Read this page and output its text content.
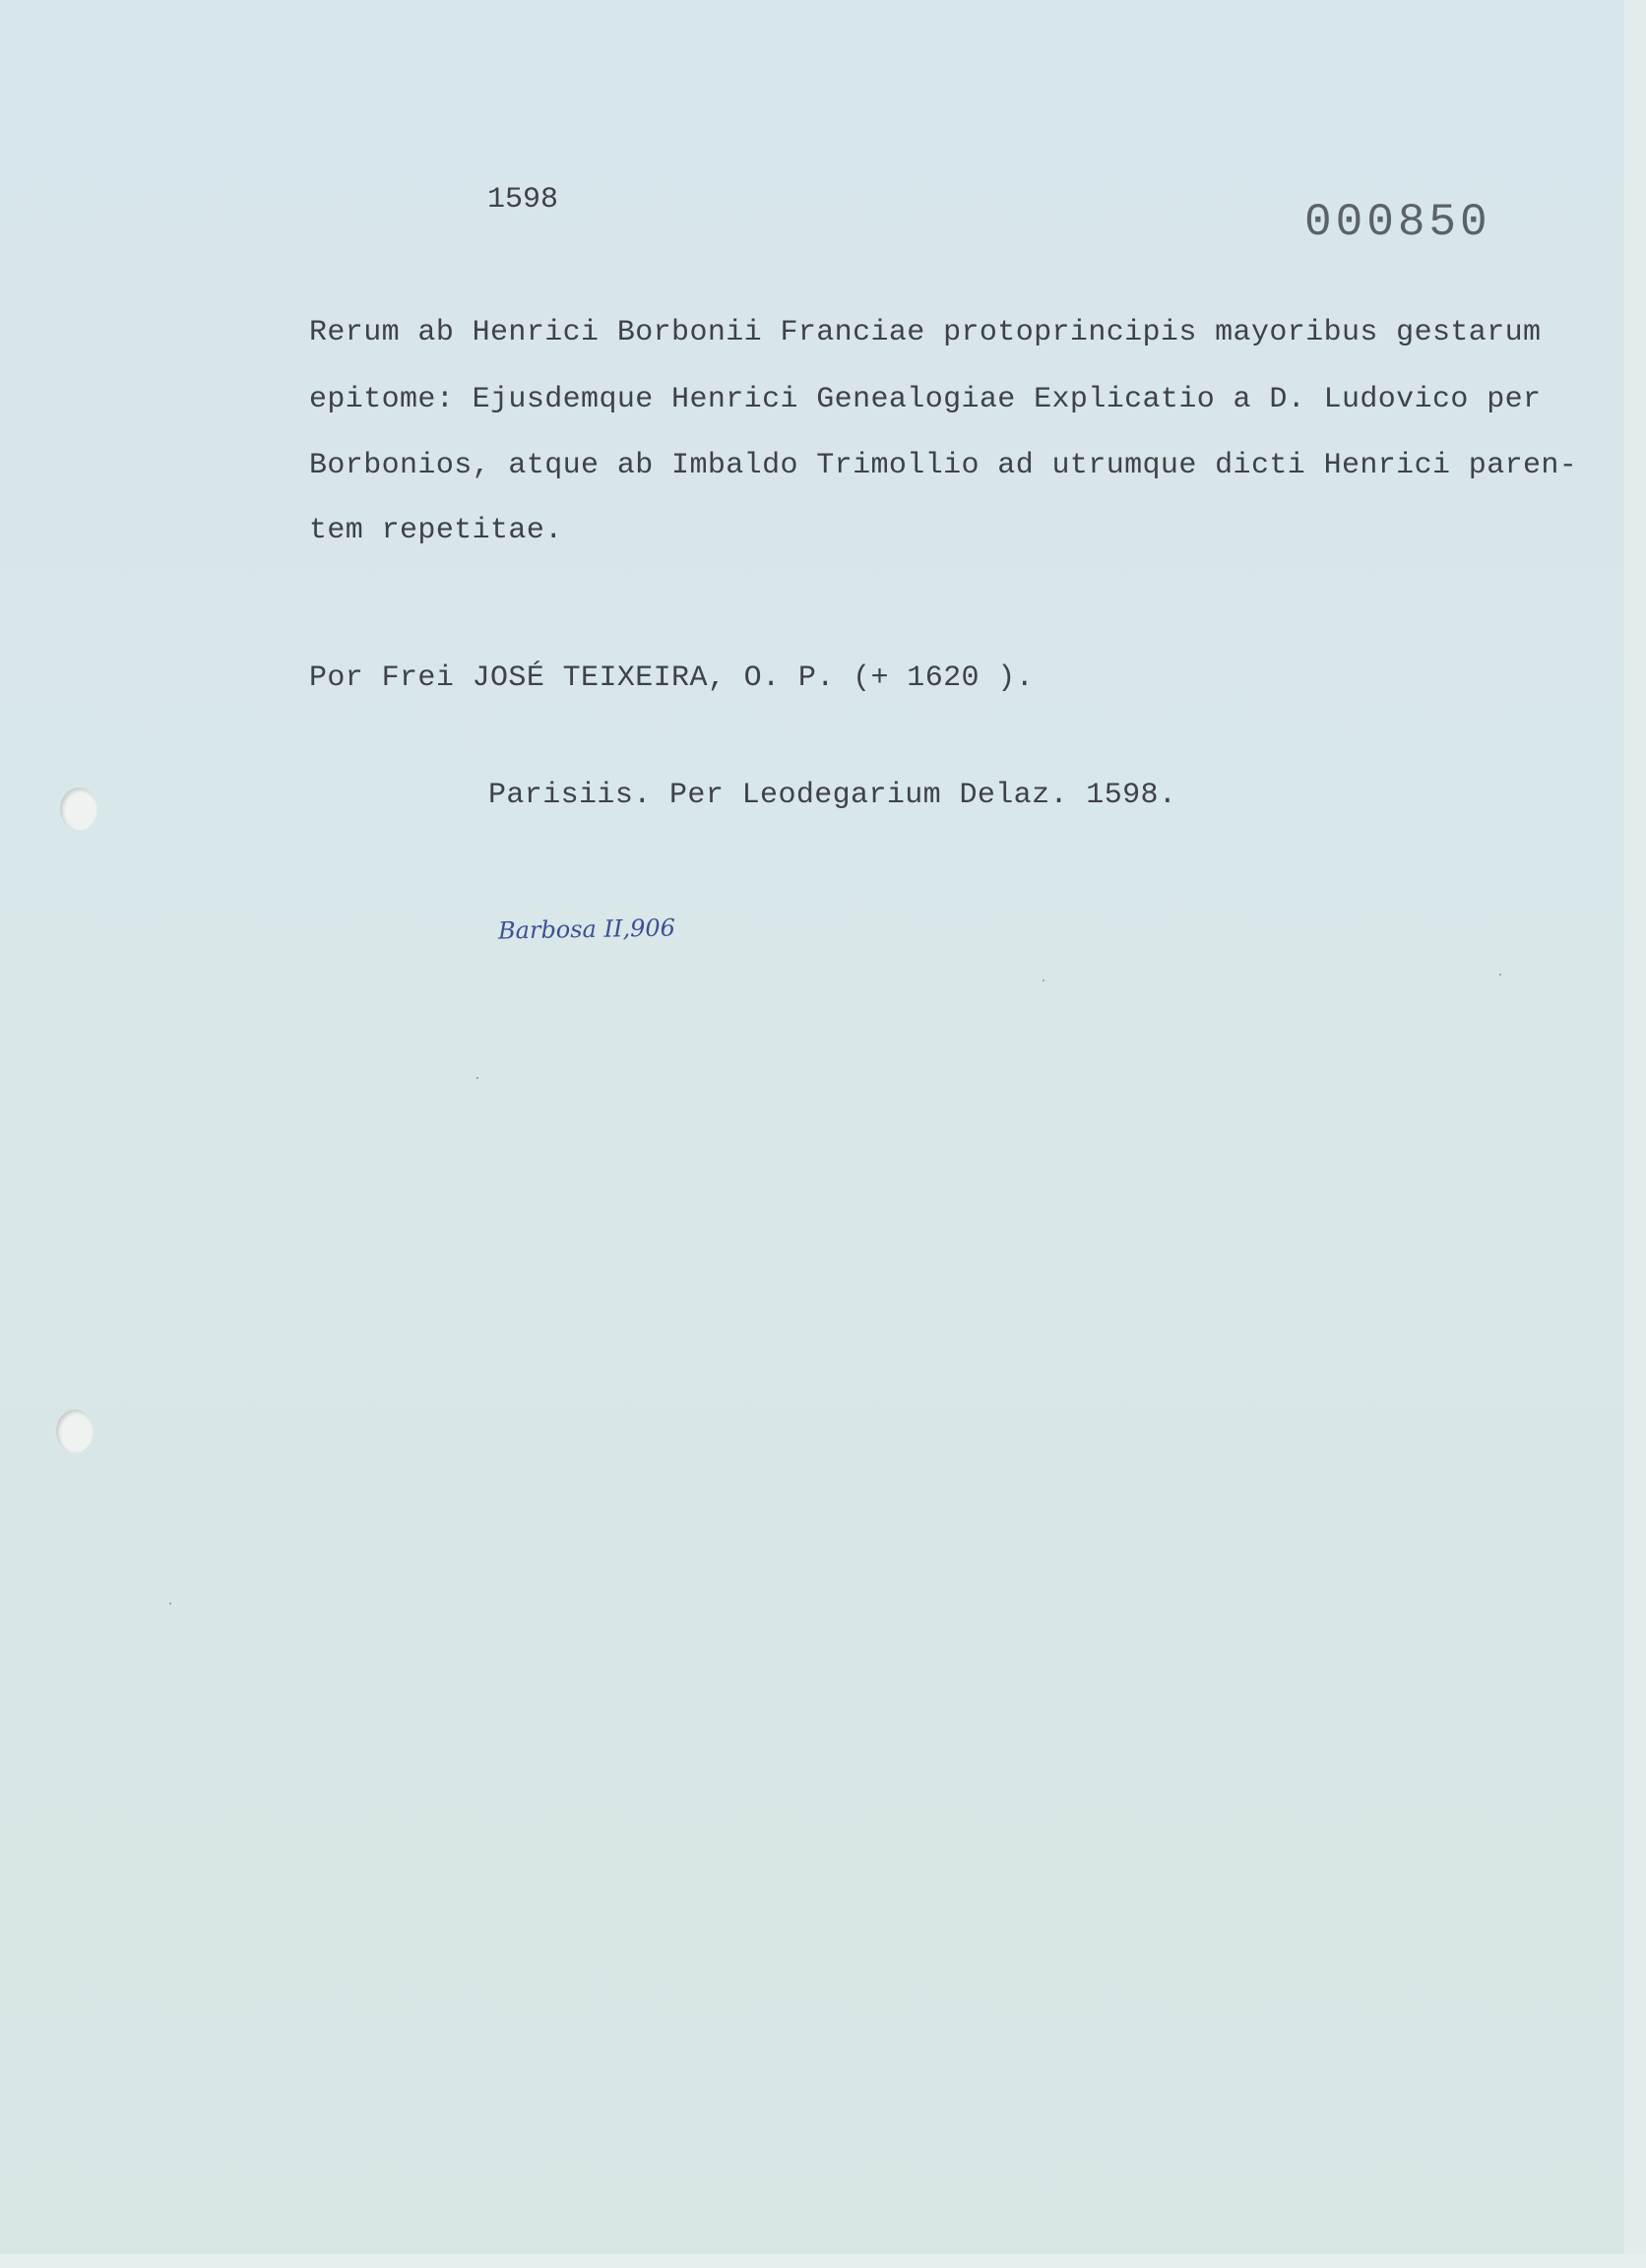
1598	000850
Rerum ab Henrici Borbonii Franciae protoprincipis mayoribus gestarum
epitome: Ejusdemque Henrici Genealogiae Explicatio a D. Ludovico per
Borbonios, atque ab Imbaldo Trimollio ad utrumque dicti Henrici paren-
tem repetitae.
Por Frei JOSÉ TEIXEIRA, O. P. (+ 1620 ).
Parisiis. Per Leodegarium Delaz. 1598.
Barbosa II,906
